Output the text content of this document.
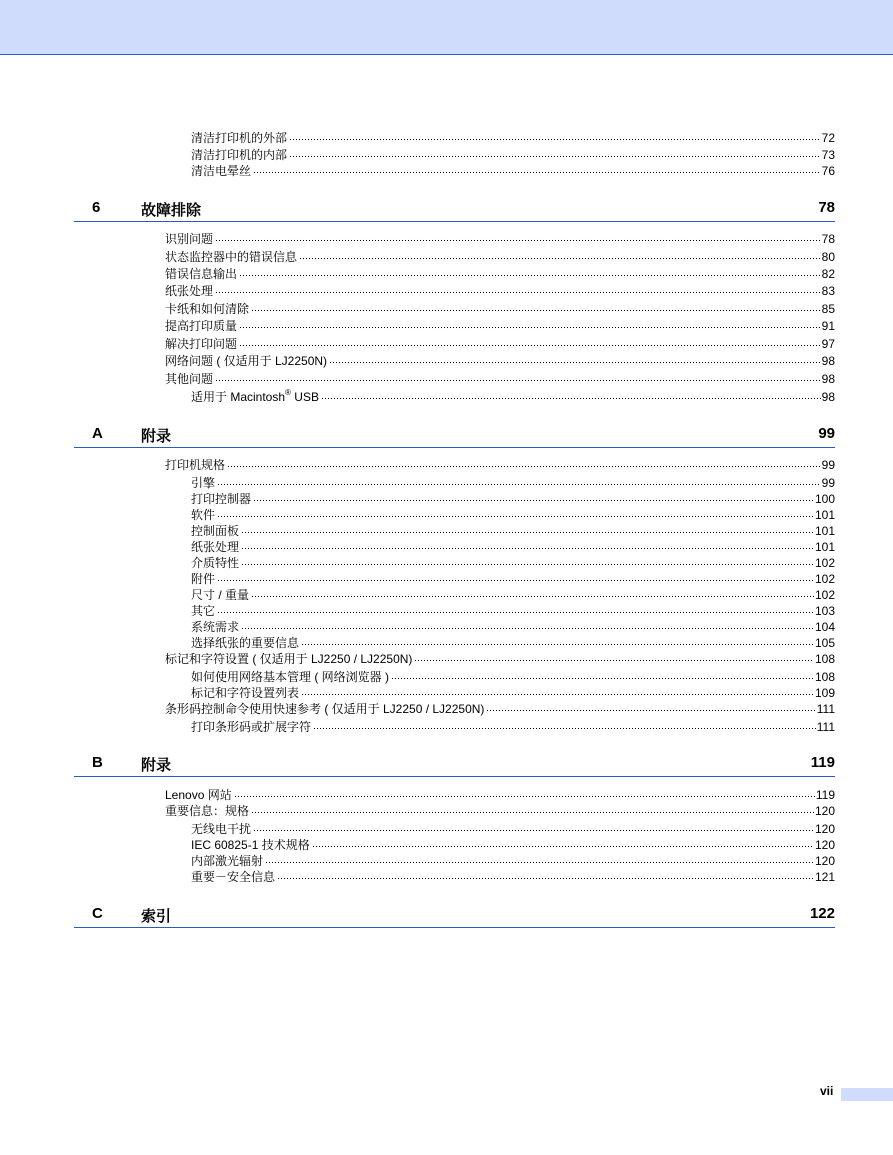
清洁打印机的外部	72
清洁打印机的内部	73
清洁电晕丝	76
6	故障排除	78
识别问题	78
状态监控器中的错误信息	80
错误信息输出	82
纸张处理	83
卡纸和如何清除	85
提高打印质量	91
解决打印问题	97
网络问题 ( 仅适用于 LJ2250N)	98
其他问题	98
适用于 Macintosh® USB	98
A	附录	99
打印机规格	99
引擎	99
打印控制器	100
软件	101
控制面板	101
纸张处理	101
介质特性	102
附件	102
尺寸 / 重量	102
其它	103
系统需求	104
选择纸张的重要信息	105
标记和字符设置 ( 仅适用于 LJ2250 / LJ2250N)	108
如何使用网络基本管理 ( 网络浏览器 )	108
标记和字符设置列表	109
条形码控制命令使用快速参考 ( 仅适用于 LJ2250 / LJ2250N)	111
打印条形码或扩展字符	111
B	附录	119
Lenovo 网站	119
重要信息：规格	120
无线电干扰	120
IEC 60825-1 技术规格	120
内部激光辐射	120
重要－安全信息	121
C	索引	122
vii
